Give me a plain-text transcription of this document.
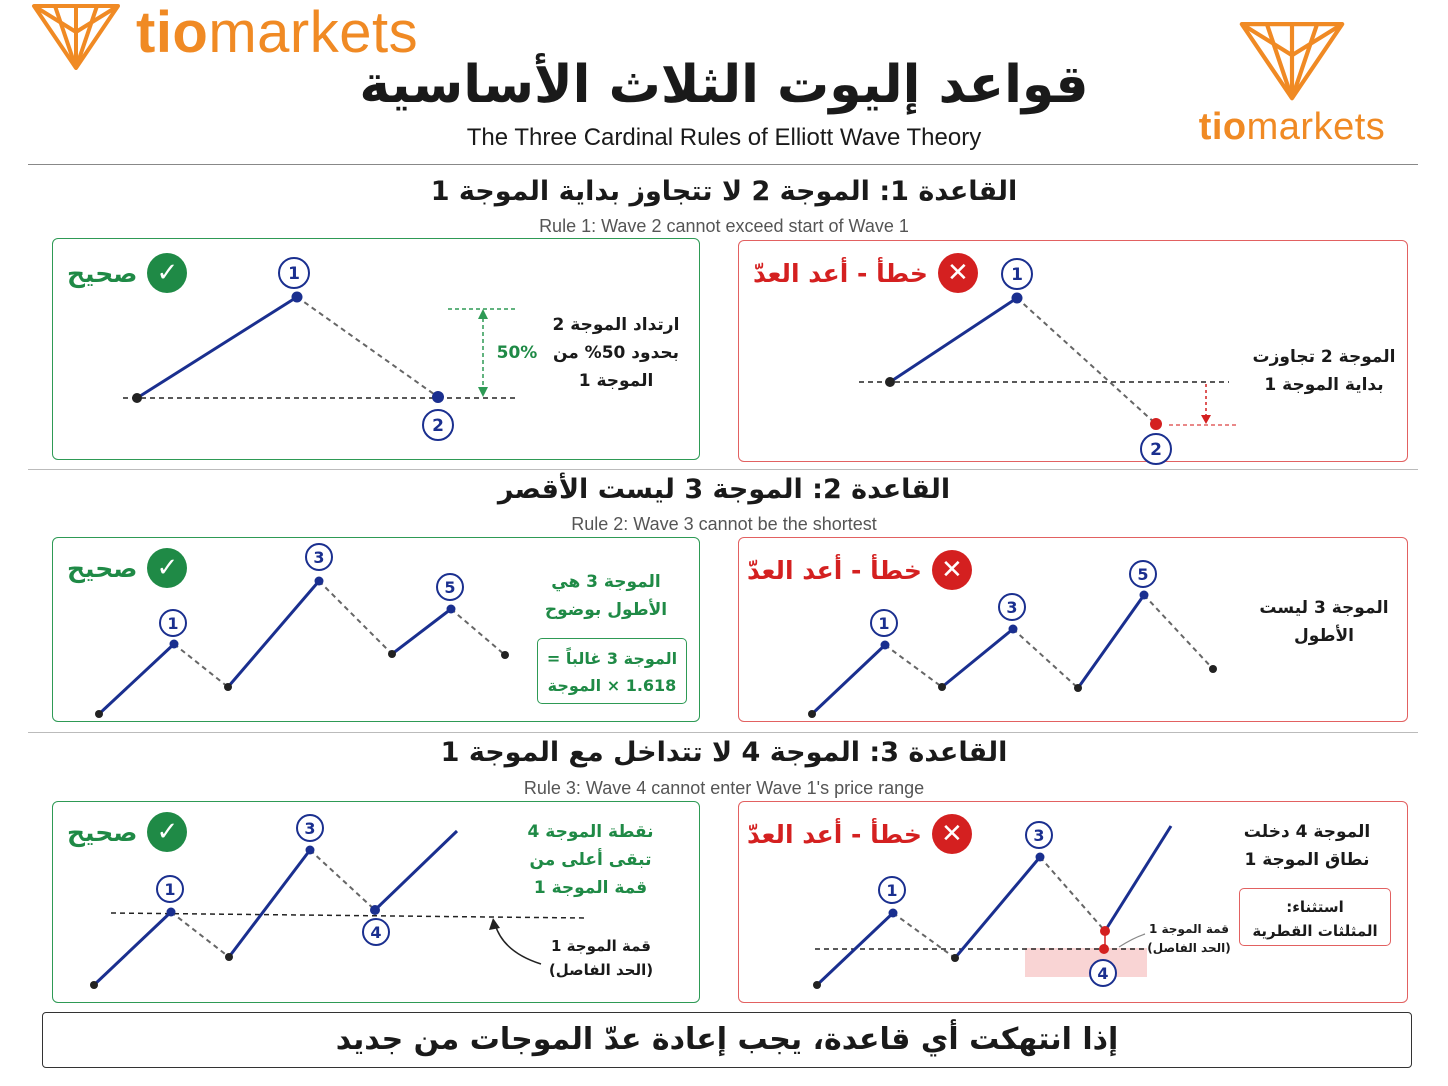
tiomarkets
tiomarkets
قواعد إليوت الثلاث الأساسية
The Three Cardinal Rules of Elliott Wave Theory
القاعدة 1: الموجة 2 لا تتجاوز بداية الموجة 1
Rule 1: Wave 2 cannot exceed start of Wave 1
✓
صحيح
50%
1
2
ارتداد الموجة 2
بحدود 50% من
الموجة 1
✕
خطأ - أعد العدّ	1
2
الموجة 2 تجاوزت
بداية الموجة 1
القاعدة 2: الموجة 3 ليست الأقصر
Rule 2: Wave 3 cannot be the shortest
✓
صحيح
1
3
5	الموجة 3 هي
الأطول بوضوح
الموجة 3 غالباً =
1.618 × الموجة
✕
خطأ - أعد العدّ
1
3
5
الموجة 3 ليست
الأطول
القاعدة 3: الموجة 4 لا تتداخل مع الموجة 1
Rule 3: Wave 4 cannot enter Wave 1's price range
✓
صحيح
1
3
4
نقطة الموجة 4
تبقى أعلى من
قمة الموجة 1
قمة الموجة 1
(الحد الفاصل)
✕
خطأ - أعد العدّ
1
3
4
قمة الموجة 1
(الحد الفاصل)
الموجة 4 دخلت
نطاق الموجة 1
استثناء:
المثلثات القطرية
إذا انتهكت أي قاعدة، يجب إعادة عدّ الموجات من جديد
